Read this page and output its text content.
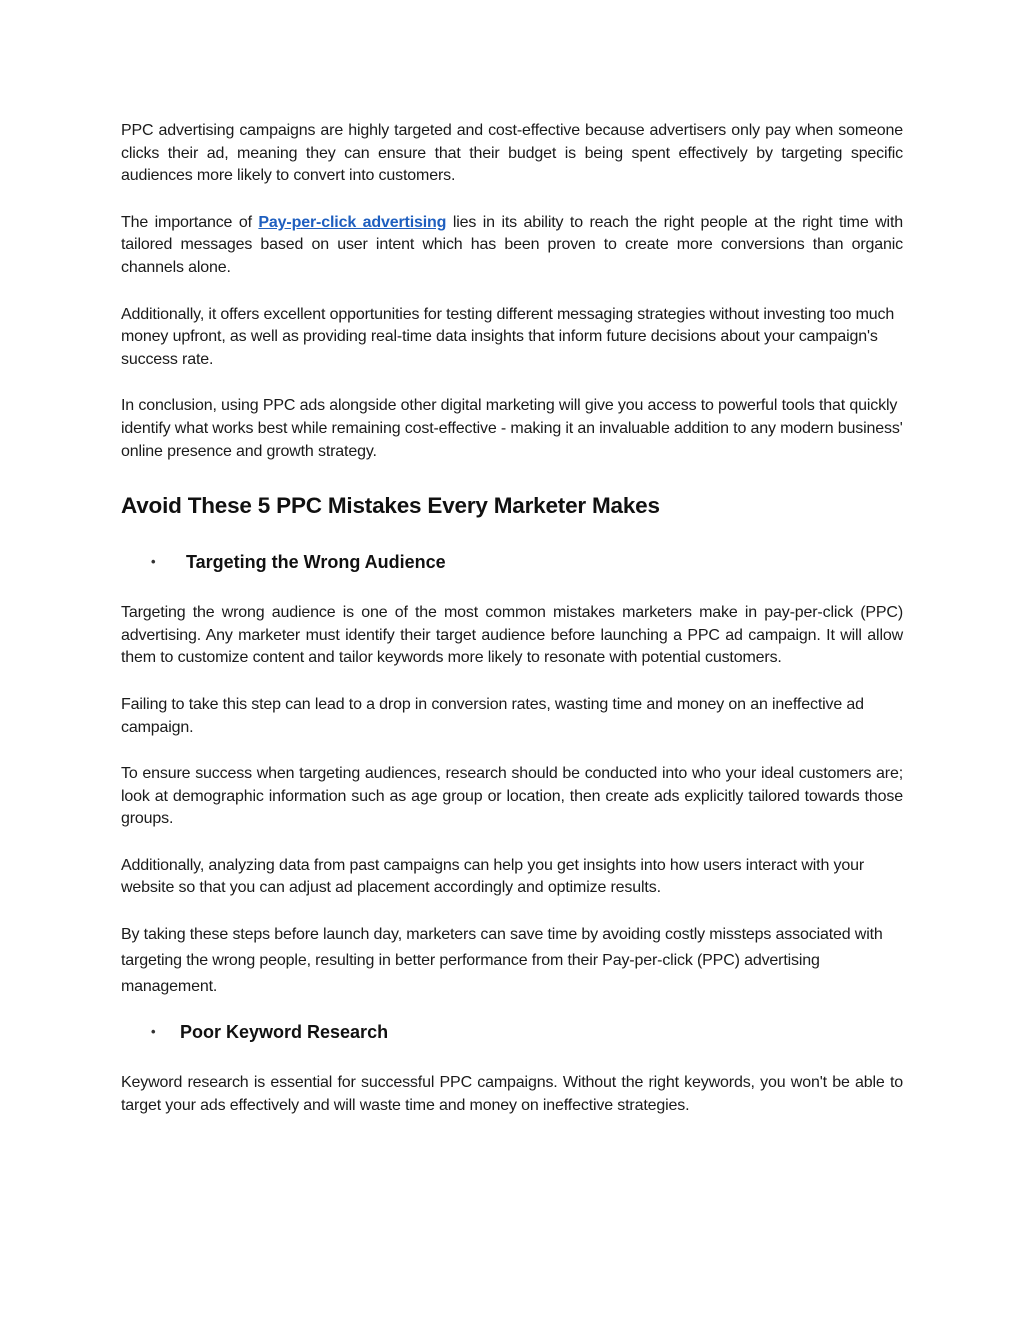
PPC advertising campaigns are highly targeted and cost-effective because advertisers only pay when someone clicks their ad, meaning they can ensure that their budget is being spent effectively by targeting specific audiences more likely to convert into customers.

The importance of Pay-per-click advertising lies in its ability to reach the right people at the right time with tailored messages based on user intent which has been proven to create more conversions than organic channels alone.

Additionally, it offers excellent opportunities for testing different messaging strategies without investing too much money upfront, as well as providing real-time data insights that inform future decisions about your campaign's success rate.

In conclusion, using PPC ads alongside other digital marketing will give you access to powerful tools that quickly identify what works best while remaining cost-effective - making it an invaluable addition to any modern business' online presence and growth strategy.

Avoid These 5 PPC Mistakes Every Marketer Makes
•	Targeting the Wrong Audience

Targeting the wrong audience is one of the most common mistakes marketers make in pay-per-click (PPC) advertising. Any marketer must identify their target audience before launching a PPC ad campaign. It will allow them to customize content and tailor keywords more likely to resonate with potential customers.

Failing to take this step can lead to a drop in conversion rates, wasting time and money on an ineffective ad campaign.

To ensure success when targeting audiences, research should be conducted into who your ideal customers are; look at demographic information such as age group or location, then create ads explicitly tailored towards those groups.

Additionally, analyzing data from past campaigns can help you get insights into how users interact with your website so that you can adjust ad placement accordingly and optimize results.

By taking these steps before launch day, marketers can save time by avoiding costly missteps associated with targeting the wrong people, resulting in better performance from their Pay-per-click (PPC) advertising management.

•	Poor Keyword Research

Keyword research is essential for successful PPC campaigns. Without the right keywords, you won't be able to target your ads effectively and will waste time and money on ineffective strategies.
